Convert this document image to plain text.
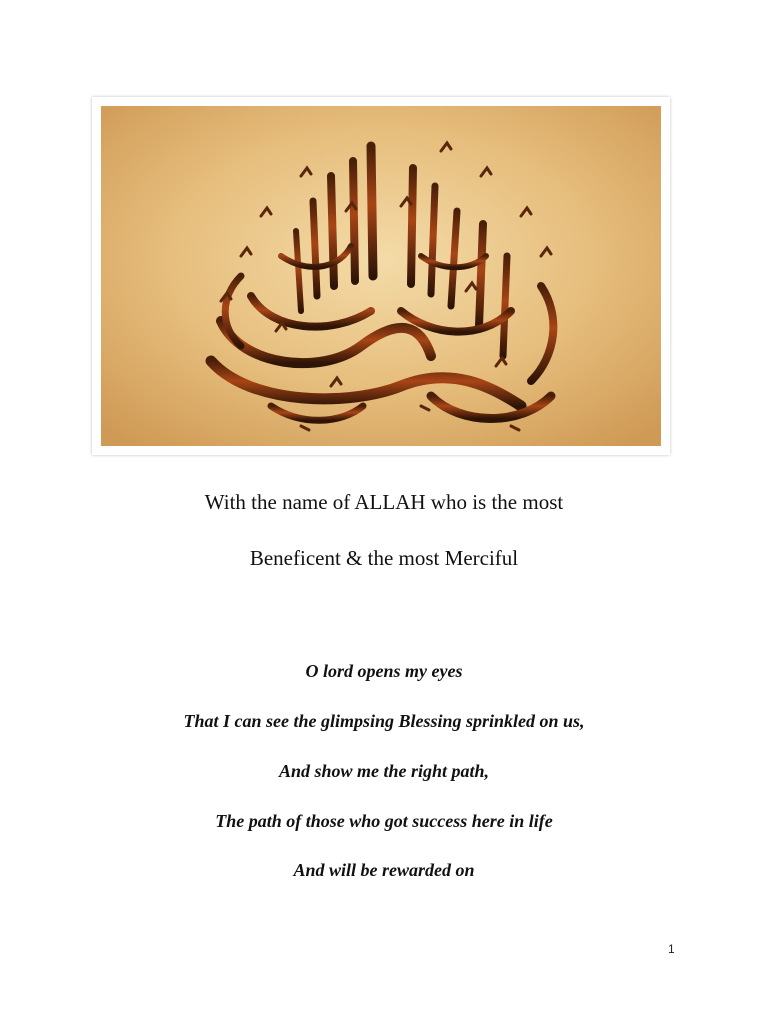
With the name of ALLAH who is the most

Beneficent & the most Merciful

O lord opens my eyes

That I can see the glimpsing Blessing sprinkled on us,

And show me the right path,

The path of those who got success here in life

And will be rewarded on

1
